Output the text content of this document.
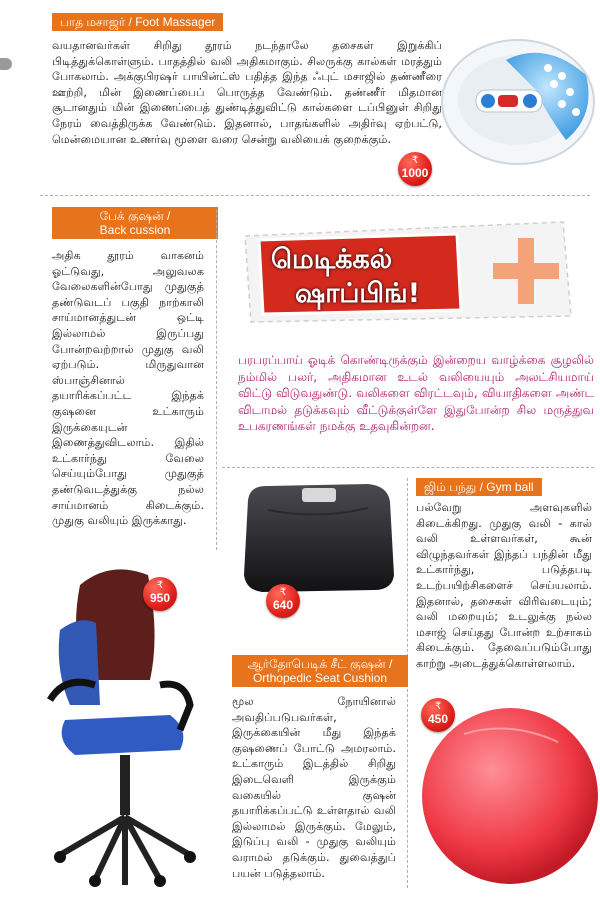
பாத மசாஜர் / Foot Massager

வயதானவர்கள் சிறிது தூரம் நடந்தாலே தசைகள் இறுக்கிப் பிடித்துக்கொள்ளும். பாதத்தில் வலி அதிகமாகும். சிலருக்கு கால்கள் மரத்தும் போகலாம். அக்குபிரஷர் பாயின்ட்ஸ் பதித்த இந்த ஃபுட் மசாஜில் தண்ணீரை ஊற்றி, மின் இணைப்பைப் பொருத்த வேண்டும். தண்ணீர் மிதமான சூடானதும் மின் இணைப்பைத் துண்டித்துவிட்டு கால்களை டப்பினுள் சிறிது நேரம் வைத்திருக்க வேண்டும். இதனால், பாதங்களில் அதிர்வு ஏற்பட்டு, மென்மையான உணர்வு மூளை வரை சென்று வலியைக் குறைக்கும்.

₹
1000
பேக் குஷன் /
Back cussion

அதிக தூரம் வாகனம் ஓட்டுவது, அலுவலக வேலைகளின்போது முதுகுத் தண்டுவடப் பகுதி நாற்காலி சாய்மானத்துடன் ஒட்டி இல்லாமல் இருப்பது போன்றவற்றால் முதுகு வலி ஏற்படும். மிருதுவான ஸ்பாஞ்சினால் தயாரிக்கப்பட்ட இந்தக் குஷனை உட்காரும் இருக்கையுடன் இணைத்துவிடலாம். இதில் உட்கார்ந்து வேலை செய்யும்போது முதுகுத் தண்டுவடத்துக்கு நல்ல சாய்மானம் கிடைக்கும். முதுகு வலியும் இருக்காது.

₹
950
மெடிக்கல்
ஷாப்பிங்!

பரபரப்பாய் ஓடிக் கொண்டிருக்கும் இன்றைய வாழ்க்கை சூழலில் நம்மில் பலர், அதிகமான உடல் வலியையும் அலட்சியமாய் விட்டு விடுவதுண்டு. வலிகளை விரட்டவும், வியாதிகளை அண்ட விடாமல் தடுக்கவும் வீட்டுக்குள்ளே இதுபோன்ற சில மருத்துவ உபகரணங்கள் நமக்கு உதவுகின்றன.

₹
640
ஜிம் பந்து / Gym ball

பல்வேறு அளவுகளில் கிடைக்கிறது. முதுகு வலி - கால் வலி உள்ளவர்கள், கூன் விழுந்தவர்கள் இந்தப் பந்தின் மீது உட்கார்ந்து, படுத்தபடி உடற்பயிற்சிகளைச் செய்யலாம். இதனால், தசைகள் விரிவடையும்; வலி மறையும்; உடலுக்கு நல்ல மசாஜ் செய்தது போன்ற உற்சாகம் கிடைக்கும். தேவைப்படும்போது காற்று அடைத்துக்கொள்ளலாம்.

₹
450
ஆர்தோபெடிக் சீட் குஷன் /
Orthopedic Seat Cushion

மூல நோயினால் அவதிப்படுபவர்கள், இருக்கையின் மீது இந்தக் குஷணைப் போட்டு அமரலாம். உட்காரும் இடத்தில் சிறிது இடைவெளி இருக்கும் வகையில் குஷன் தயாரிக்கப்பட்டு உள்ளதால் வலி இல்லாமல் இருக்கும். மேலும், இடுப்பு வலி - முதுகு வலியும் வராமல் தடுக்கும். துவைத்துப் பயன் படுத்தலாம்.
